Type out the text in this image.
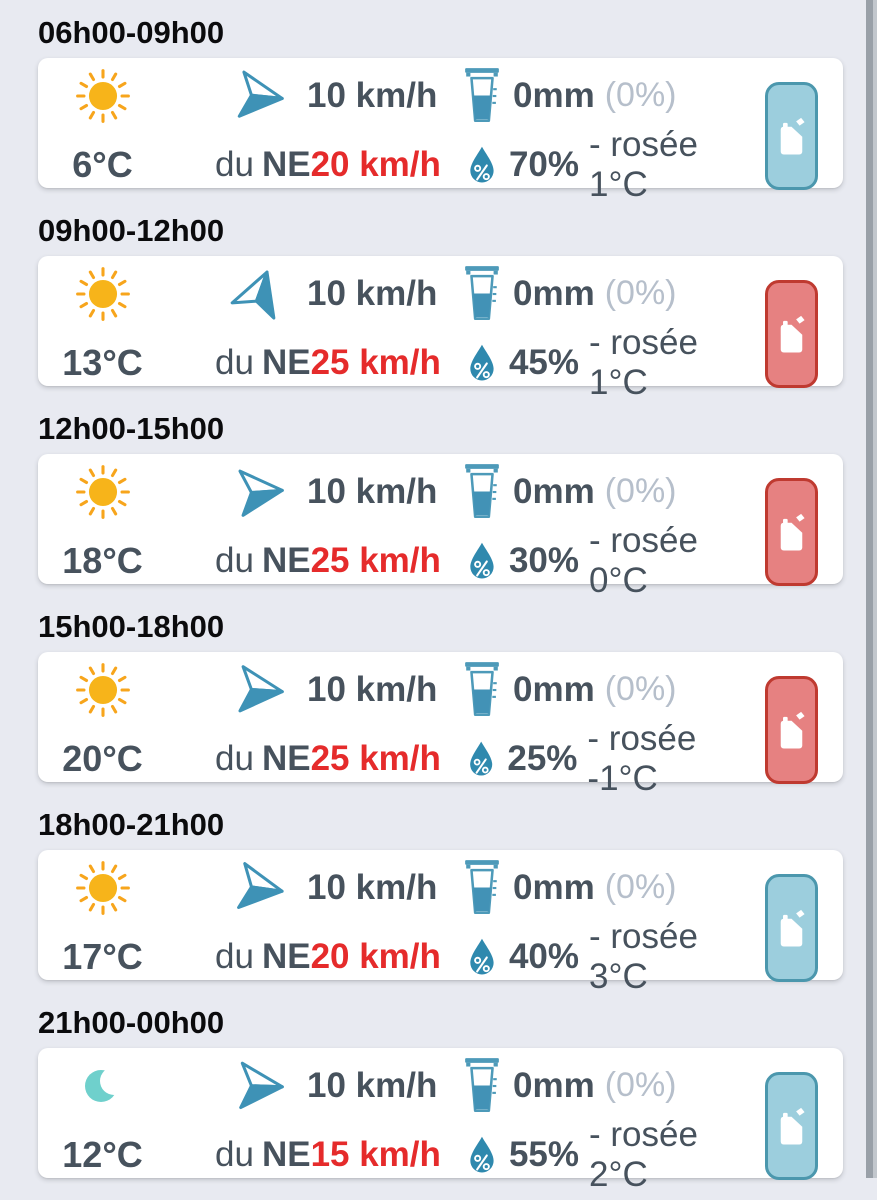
06h00-09h00
6°C
10 km/h
du NE 20 km/h
0mm (0%)
70%
- rosée 1°C
09h00-12h00
13°C
10 km/h
du NE 25 km/h
0mm (0%)
45%
- rosée 1°C
12h00-15h00
18°C
10 km/h
du NE 25 km/h
0mm (0%)
30%
- rosée 0°C
15h00-18h00
20°C
10 km/h
du NE 25 km/h
0mm (0%)
25%
- rosée -1°C
18h00-21h00
17°C
10 km/h
du NE 20 km/h
0mm (0%)
40%
- rosée 3°C
21h00-00h00
12°C
10 km/h
du NE 15 km/h
0mm (0%)
55%
- rosée 2°C
